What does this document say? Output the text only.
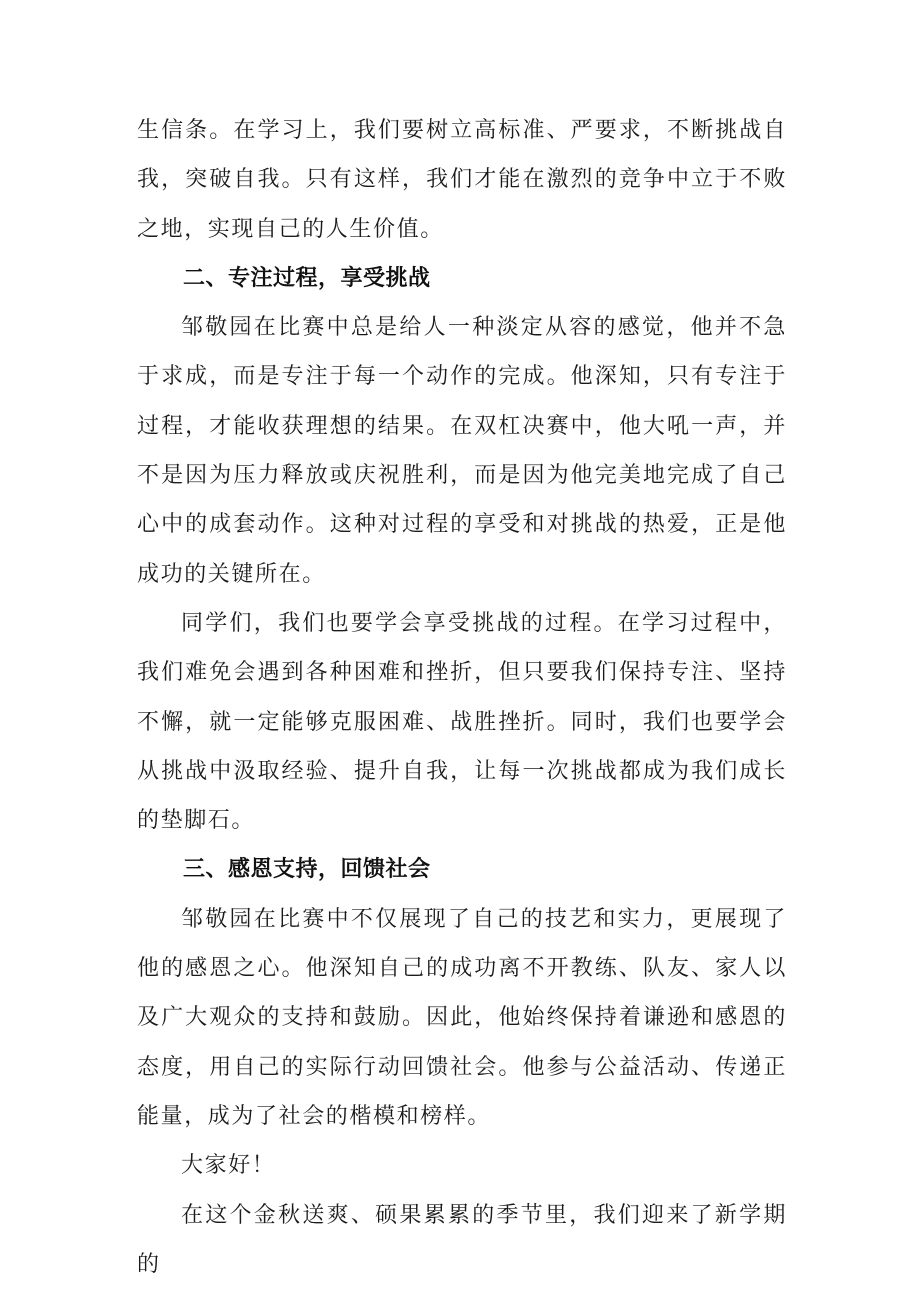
生信条。在学习上，我们要树立高标准、严要求，不断挑战自我，突破自我。只有这样，我们才能在激烈的竞争中立于不败之地，实现自己的人生价值。

二、专注过程，享受挑战

邹敬园在比赛中总是给人一种淡定从容的感觉，他并不急于求成，而是专注于每一个动作的完成。他深知，只有专注于过程，才能收获理想的结果。在双杠决赛中，他大吼一声，并不是因为压力释放或庆祝胜利，而是因为他完美地完成了自己心中的成套动作。这种对过程的享受和对挑战的热爱，正是他成功的关键所在。

同学们，我们也要学会享受挑战的过程。在学习过程中，我们难免会遇到各种困难和挫折，但只要我们保持专注、坚持不懈，就一定能够克服困难、战胜挫折。同时，我们也要学会从挑战中汲取经验、提升自我，让每一次挑战都成为我们成长的垫脚石。

三、感恩支持，回馈社会

邹敬园在比赛中不仅展现了自己的技艺和实力，更展现了他的感恩之心。他深知自己的成功离不开教练、队友、家人以及广大观众的支持和鼓励。因此，他始终保持着谦逊和感恩的态度，用自己的实际行动回馈社会。他参与公益活动、传递正能量，成为了社会的楷模和榜样。

大家好！

在这个金秋送爽、硕果累累的季节里，我们迎来了新学期的
